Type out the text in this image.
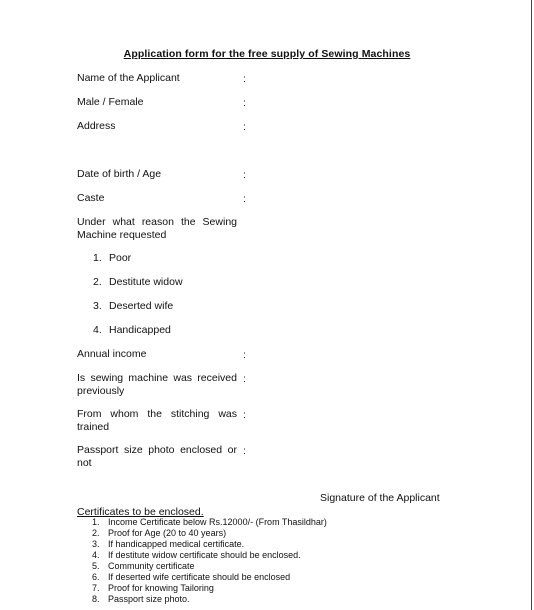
Application form for the free supply of Sewing Machines
Name of the Applicant	:
Male / Female	:
Address	:
Date of birth / Age	:
Caste	:
Under what reason the Sewing Machine requested
1. Poor
2. Destitute widow
3. Deserted wife
4. Handicapped
Annual income	:
Is sewing machine was received previously
:
From whom the stitching was trained
:
Passport size photo enclosed or not
:
Signature of the Applicant
Certificates to be enclosed.
1. Income Certificate below Rs.12000/- (From Thasildhar)
2. Proof for Age (20 to 40 years)
3. If handicapped medical certificate.
4. If destitute widow certificate should be enclosed.
5. Community certificate
6. If deserted wife certificate should be enclosed
7. Proof for knowing Tailoring
8. Passport size photo.
